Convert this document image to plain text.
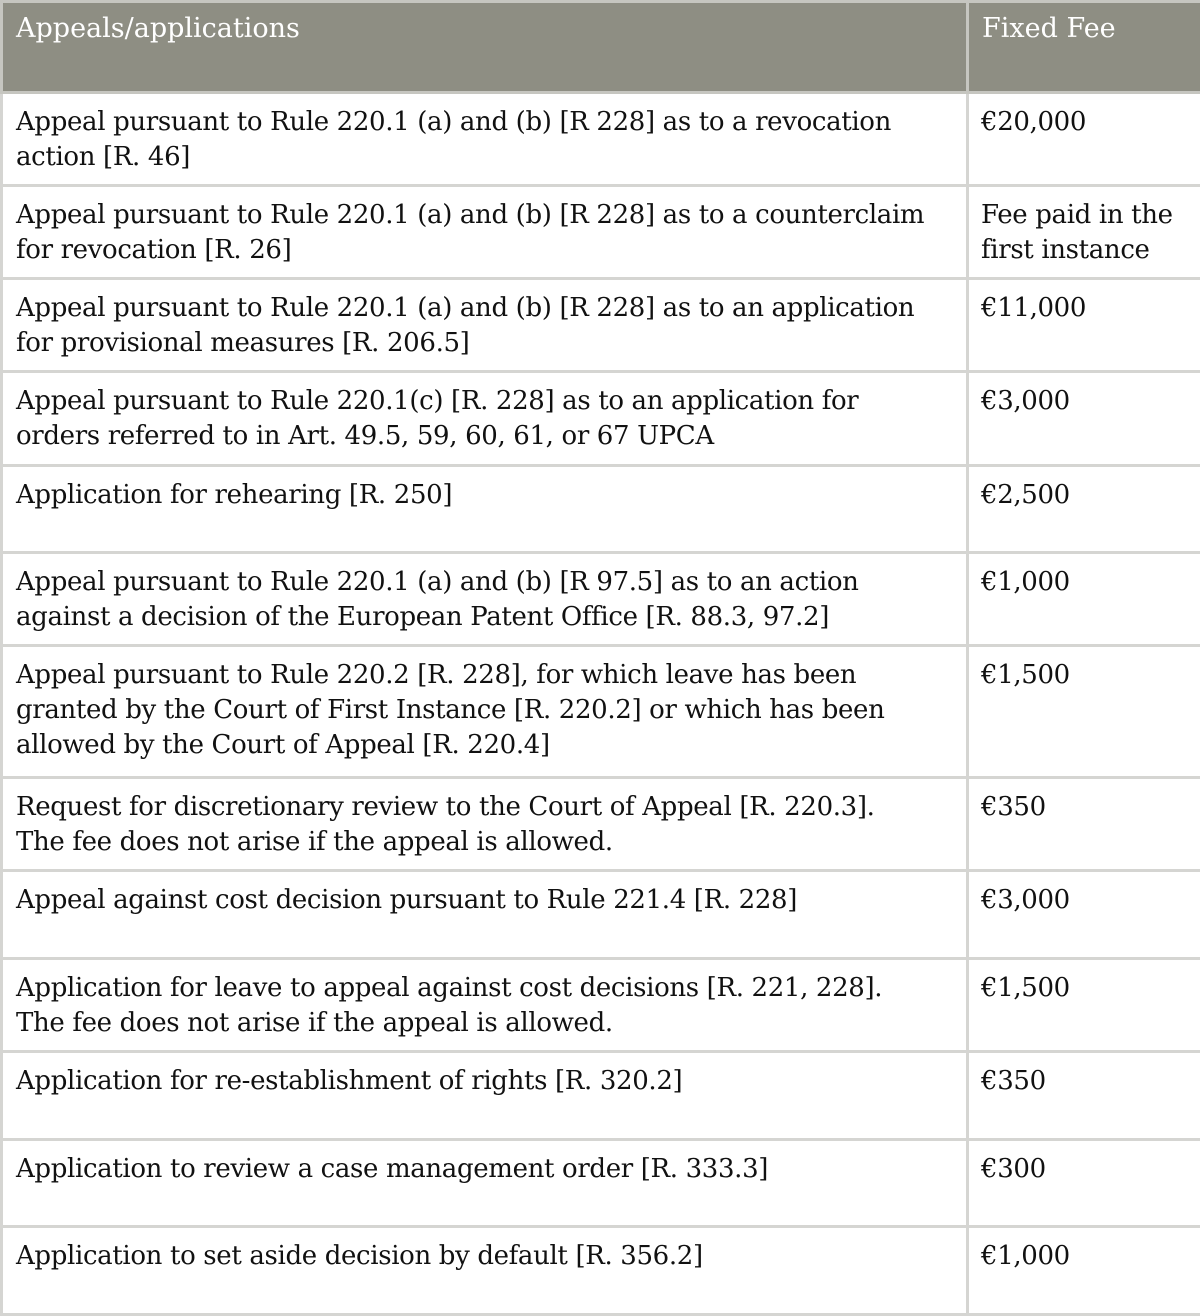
Appeals/applications	Fixed Fee

Appeal pursuant to Rule 220.1 (a) and (b) [R 228] as to a revocation
action [R. 46]	€20,000

Appeal pursuant to Rule 220.1 (a) and (b) [R 228] as to a counterclaim
for revocation [R. 26]	Fee paid in the
first instance

Appeal pursuant to Rule 220.1 (a) and (b) [R 228] as to an application
for provisional measures [R. 206.5]	€11,000

Appeal pursuant to Rule 220.1(c) [R. 228] as to an application for
orders referred to in Art. 49.5, 59, 60, 61, or 67 UPCA	€3,000

Application for rehearing [R. 250]	€2,500

Appeal pursuant to Rule 220.1 (a) and (b) [R 97.5] as to an action
against a decision of the European Patent Office [R. 88.3, 97.2]	€1,000

Appeal pursuant to Rule 220.2 [R. 228], for which leave has been
granted by the Court of First Instance [R. 220.2] or which has been
allowed by the Court of Appeal [R. 220.4]	€1,500

Request for discretionary review to the Court of Appeal [R. 220.3].
The fee does not arise if the appeal is allowed.	€350

Appeal against cost decision pursuant to Rule 221.4 [R. 228]	€3,000

Application for leave to appeal against cost decisions [R. 221, 228].
The fee does not arise if the appeal is allowed.	€1,500

Application for re-establishment of rights [R. 320.2]	€350

Application to review a case management order [R. 333.3]	€300

Application to set aside decision by default [R. 356.2]	€1,000
